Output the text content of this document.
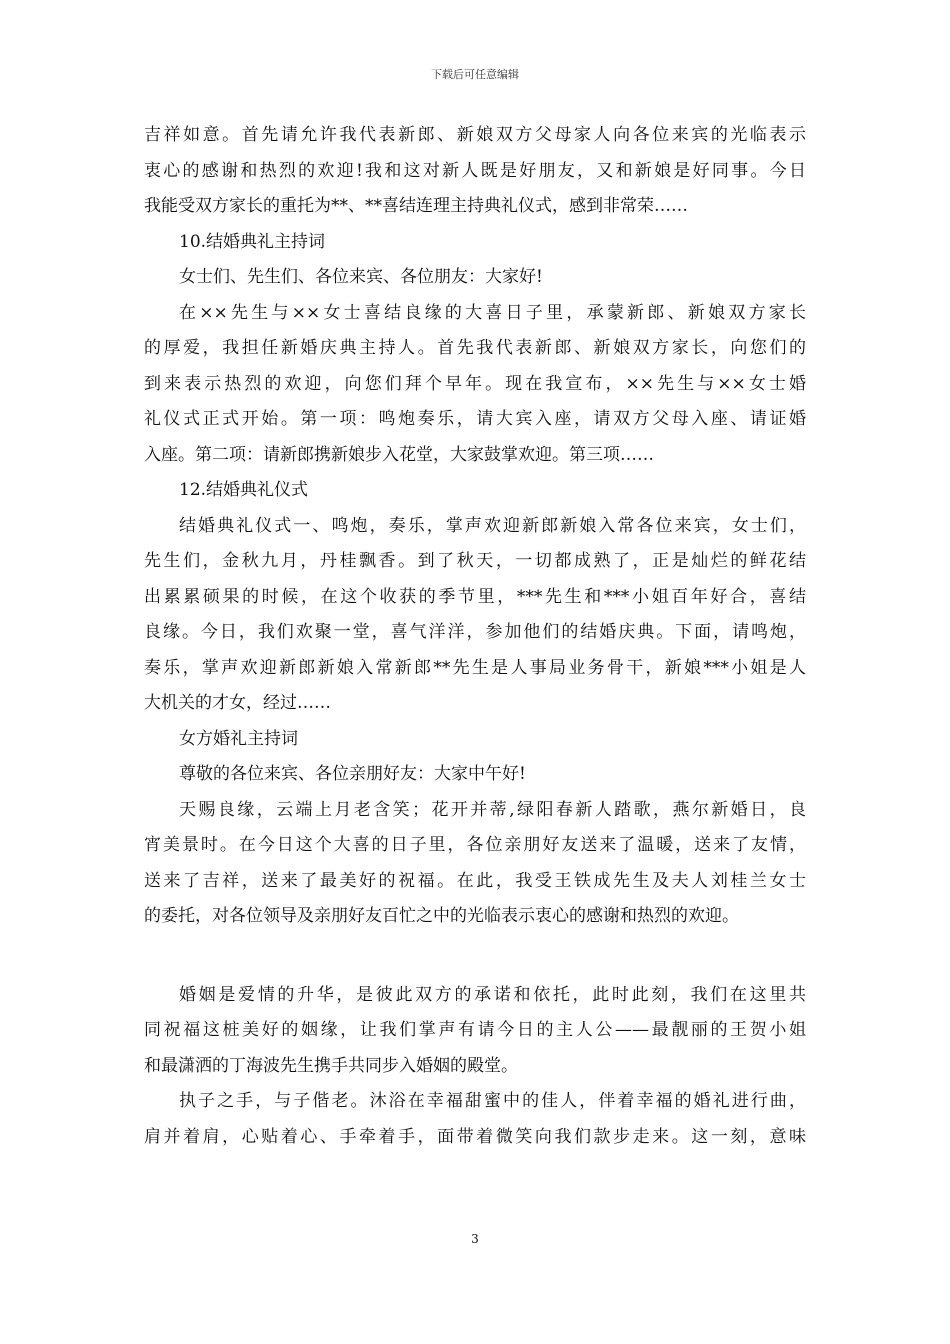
下载后可任意编辑
吉祥如意。首先请允许我代表新郎、新娘双方父母家人向各位来宾的光临表示
衷心的感谢和热烈的欢迎!我和这对新人既是好朋友，又和新娘是好同事。今日
我能受双方家长的重托为**、**喜结连理主持典礼仪式，感到非常荣……
10.结婚典礼主持词
女士们、先生们、各位来宾、各位朋友：大家好!
在××先生与××女士喜结良缘的大喜日子里，承蒙新郎、新娘双方家长
的厚爱，我担任新婚庆典主持人。首先我代表新郎、新娘双方家长，向您们的
到来表示热烈的欢迎，向您们拜个早年。现在我宣布，××先生与××女士婚
礼仪式正式开始。第一项：鸣炮奏乐，请大宾入座，请双方父母入座、请证婚
入座。第二项：请新郎携新娘步入花堂，大家鼓掌欢迎。第三项……
12.结婚典礼仪式
结婚典礼仪式一、鸣炮，奏乐，掌声欢迎新郎新娘入常各位来宾，女士们，
先生们，金秋九月，丹桂飘香。到了秋天，一切都成熟了，正是灿烂的鲜花结
出累累硕果的时候，在这个收获的季节里，***先生和***小姐百年好合，喜结
良缘。今日，我们欢聚一堂，喜气洋洋，参加他们的结婚庆典。下面，请鸣炮，
奏乐，掌声欢迎新郎新娘入常新郎**先生是人事局业务骨干，新娘***小姐是人
大机关的才女，经过……
女方婚礼主持词
尊敬的各位来宾、各位亲朋好友：大家中午好!
天赐良缘，云端上月老含笑；花开并蒂,绿阳春新人踏歌，燕尔新婚日，良
宵美景时。在今日这个大喜的日子里，各位亲朋好友送来了温暖，送来了友情，
送来了吉祥，送来了最美好的祝福。在此，我受王铁成先生及夫人刘桂兰女士
的委托，对各位领导及亲朋好友百忙之中的光临表示衷心的感谢和热烈的欢迎。
婚姻是爱情的升华，是彼此双方的承诺和依托，此时此刻，我们在这里共
同祝福这桩美好的姻缘，让我们掌声有请今日的主人公——最靓丽的王贺小姐
和最潇洒的丁海波先生携手共同步入婚姻的殿堂。
执子之手，与子偕老。沐浴在幸福甜蜜中的佳人，伴着幸福的婚礼进行曲，
肩并着肩，心贴着心、手牵着手，面带着微笑向我们款步走来。这一刻，意味
3
